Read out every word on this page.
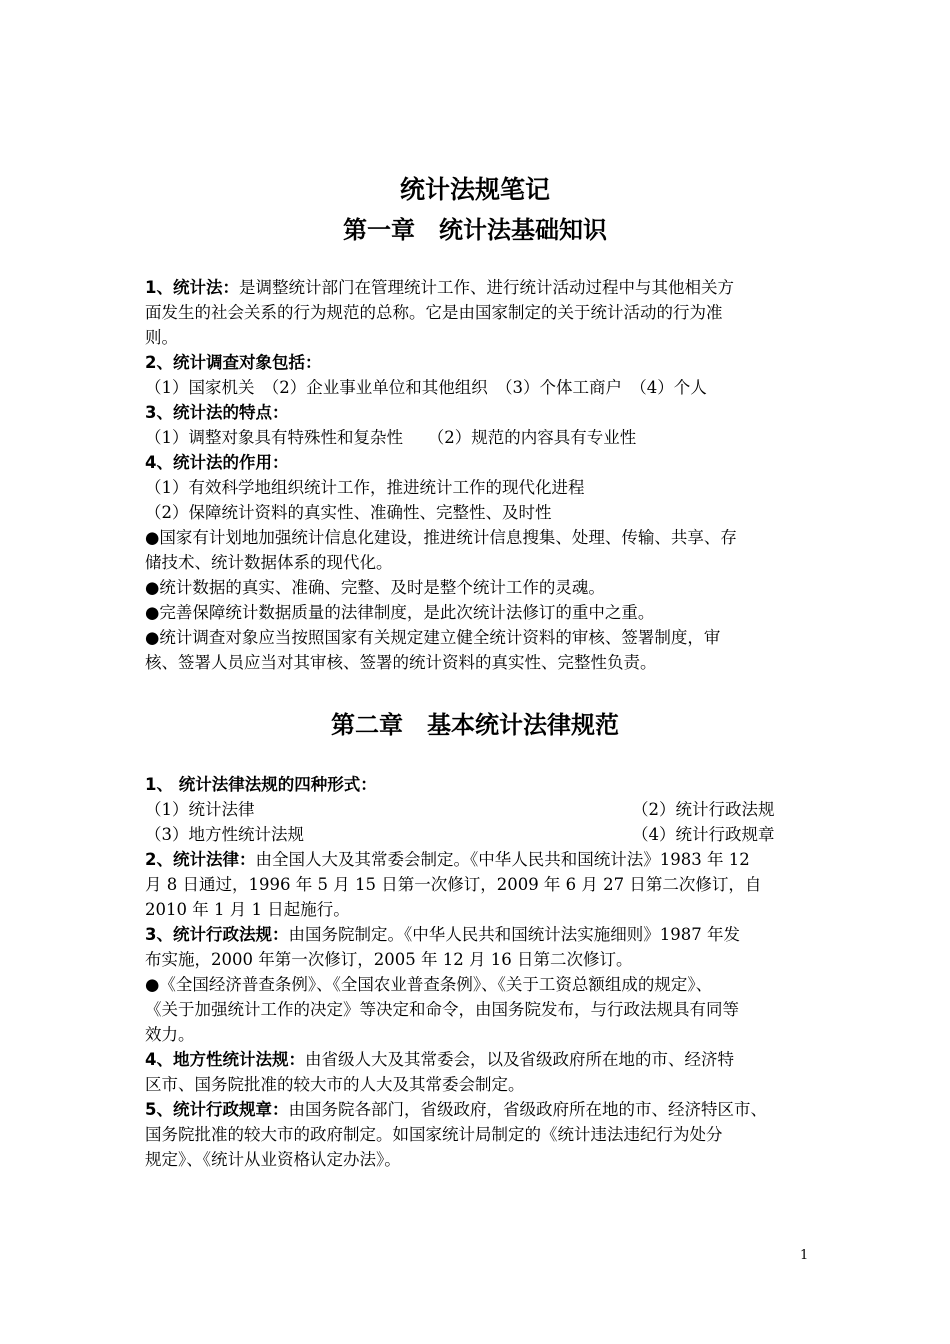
统计法规笔记
第一章　统计法基础知识
1、统计法：是调整统计部门在管理统计工作、进行统计活动过程中与其他相关方
面发生的社会关系的行为规范的总称。它是由国家制定的关于统计活动的行为准
则。
2、统计调查对象包括：
（1）国家机关　（2）企业事业单位和其他组织　（3）个体工商户　（4）个人
3、统计法的特点：
（1）调整对象具有特殊性和复杂性　　（2）规范的内容具有专业性
4、统计法的作用：
（1）有效科学地组织统计工作，推进统计工作的现代化进程
（2）保障统计资料的真实性、准确性、完整性、及时性
●国家有计划地加强统计信息化建设，推进统计信息搜集、处理、传输、共享、存
储技术、统计数据体系的现代化。
●统计数据的真实、准确、完整、及时是整个统计工作的灵魂。
●完善保障统计数据质量的法律制度，是此次统计法修订的重中之重。
●统计调查对象应当按照国家有关规定建立健全统计资料的审核、签署制度，审
核、签署人员应当对其审核、签署的统计资料的真实性、完整性负责。
第二章　基本统计法律规范
1、 统计法律法规的四种形式：
（1）统计法律	（2）统计行政法规
（3）地方性统计法规	（4）统计行政规章
2、统计法律：由全国人大及其常委会制定。《中华人民共和国统计法》1983 年 12
月 8 日通过，1996 年 5 月 15 日第一次修订，2009 年 6 月 27 日第二次修订，自
2010 年 1 月 1 日起施行。
3、统计行政法规：由国务院制定。《中华人民共和国统计法实施细则》1987 年发
布实施，2000 年第一次修订，2005 年 12 月 16 日第二次修订。
●《全国经济普查条例》、《全国农业普查条例》、《关于工资总额组成的规定》、
《关于加强统计工作的决定》等决定和命令，由国务院发布，与行政法规具有同等
效力。
4、地方性统计法规：由省级人大及其常委会，以及省级政府所在地的市、经济特
区市、国务院批准的较大市的人大及其常委会制定。
5、统计行政规章：由国务院各部门，省级政府，省级政府所在地的市、经济特区市、
国务院批准的较大市的政府制定。如国家统计局制定的《统计违法违纪行为处分
规定》、《统计从业资格认定办法》。
1
